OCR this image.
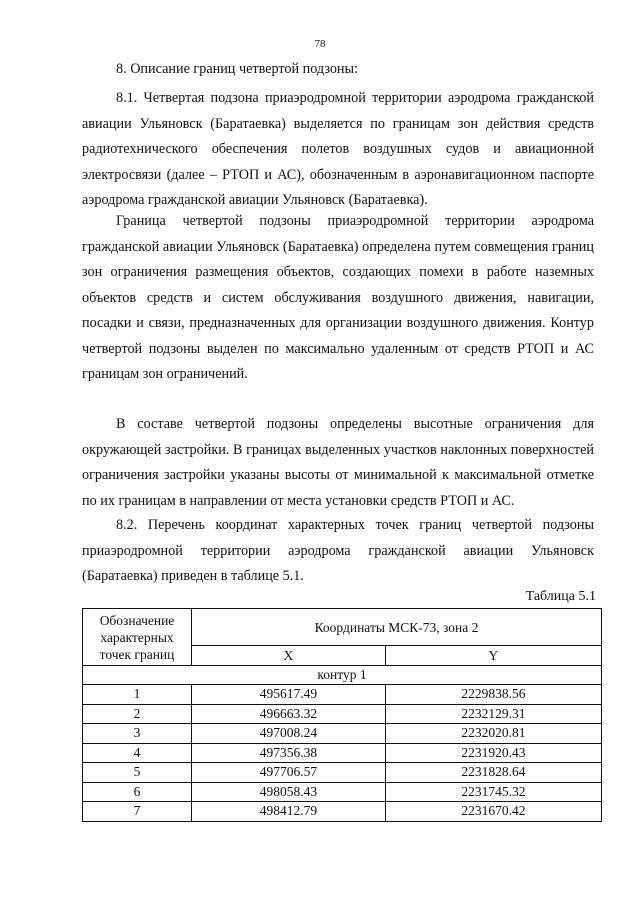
78
8. Описание границ четвертой подзоны:
8.1. Четвертая подзона приаэродромной территории аэродрома гражданской авиации Ульяновск (Баратаевка) выделяется по границам зон действия средств радиотехнического обеспечения полетов воздушных судов и авиационной электросвязи (далее – РТОП и АС), обозначенным в аэронавигационном паспорте аэродрома гражданской авиации Ульяновск (Баратаевка).
Граница четвертой подзоны приаэродромной территории аэродрома гражданской авиации Ульяновск (Баратаевка) определена путем совмещения границ зон ограничения размещения объектов, создающих помехи в работе наземных объектов средств и систем обслуживания воздушного движения, навигации, посадки и связи, предназначенных для организации воздушного движения. Контур четвертой подзоны выделен по максимально удаленным от средств РТОП и АС границам зон ограничений.
В составе четвертой подзоны определены высотные ограничения для окружающей застройки. В границах выделенных участков наклонных поверхностей ограничения застройки указаны высоты от минимальной к максимальной отметке по их границам в направлении от места установки средств РТОП и АС.
8.2. Перечень координат характерных точек границ четвертой подзоны приаэродромной территории аэродрома гражданской авиации Ульяновск (Баратаевка) приведен в таблице 5.1.
Таблица 5.1
Обозначение характерных точек границ	Координаты МСК-73, зона 2	
	X	Y
контур 1		
1	495617.49	2229838.56
2	496663.32	2232129.31
3	497008.24	2232020.81
4	497356.38	2231920.43
5	497706.57	2231828.64
6	498058.43	2231745.32
7	498412.79	2231670.42
